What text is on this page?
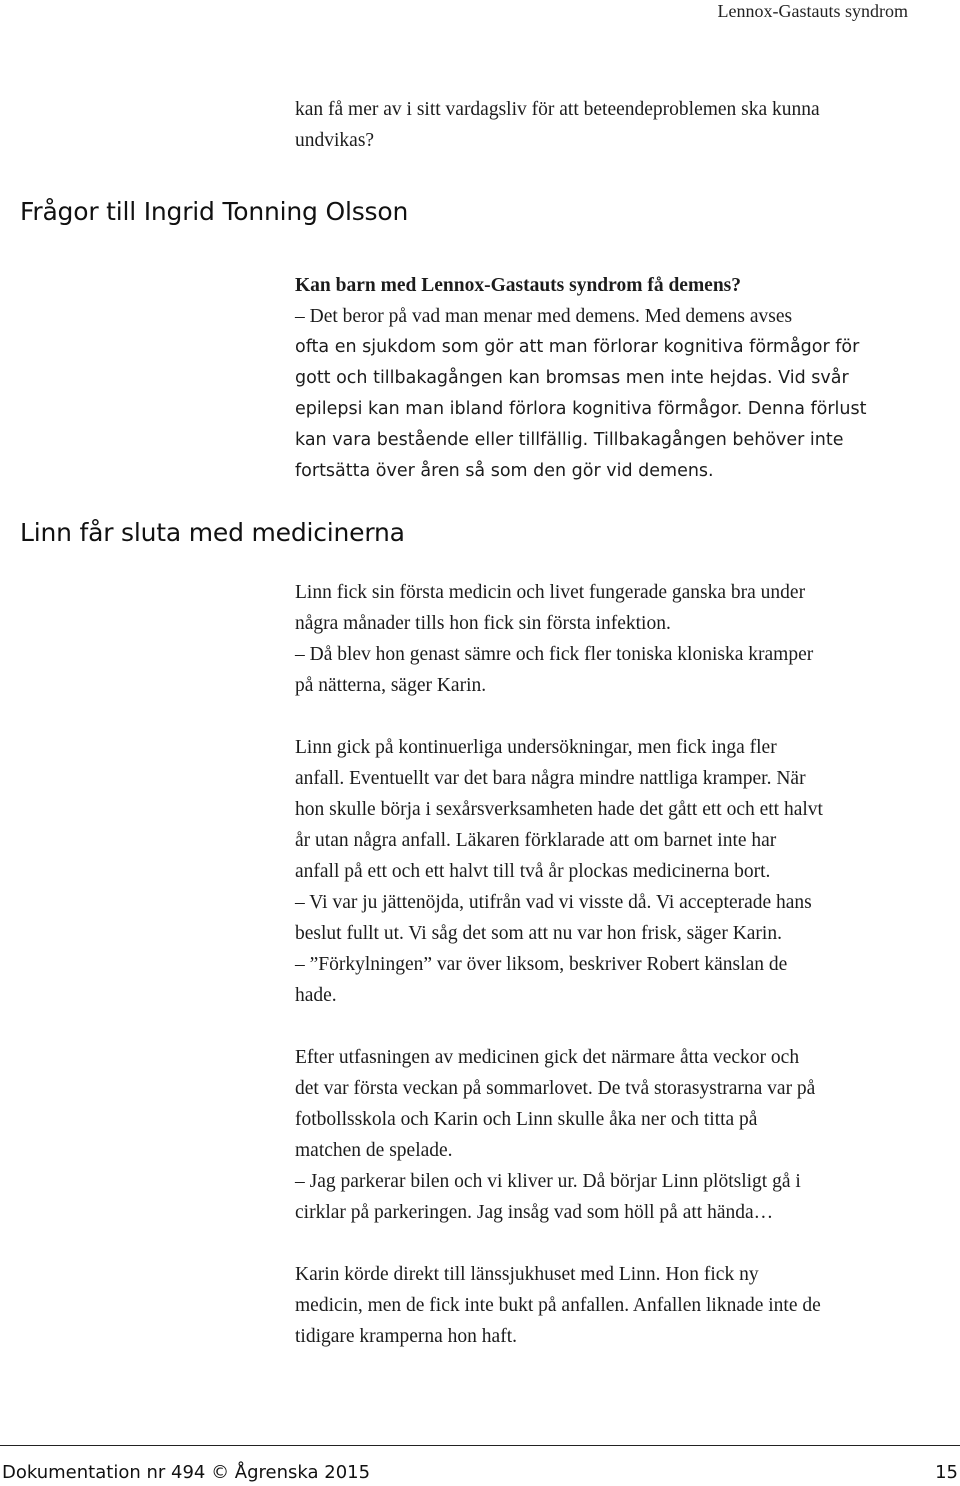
Lennox-Gastauts syndrom

kan få mer av i sitt vardagsliv för att beteendeproblemen ska kunna

undvikas?

Frågor till Ingrid Tonning Olsson

Kan barn med Lennox-Gastauts syndrom få demens?

– Det beror på vad man menar med demens. Med demens avses

ofta en sjukdom som gör att man förlorar kognitiva förmågor för

gott och tillbakagången kan bromsas men inte hejdas. Vid svår

epilepsi kan man ibland förlora kognitiva förmågor. Denna förlust

kan vara bestående eller tillfällig. Tillbakagången behöver inte

fortsätta över åren så som den gör vid demens.

Linn får sluta med medicinerna

Linn fick sin första medicin och livet fungerade ganska bra under

några månader tills hon fick sin första infektion.

– Då blev hon genast sämre och fick fler toniska kloniska kramper

på nätterna, säger Karin.

Linn gick på kontinuerliga undersökningar, men fick inga fler

anfall. Eventuellt var det bara några mindre nattliga kramper. När

hon skulle börja i sexårsverksamheten hade det gått ett och ett halvt

år utan några anfall. Läkaren förklarade att om barnet inte har

anfall på ett och ett halvt till två år plockas medicinerna bort.

– Vi var ju jättenöjda, utifrån vad vi visste då. Vi accepterade hans

beslut fullt ut. Vi såg det som att nu var hon frisk, säger Karin.

– ”Förkylningen” var över liksom, beskriver Robert känslan de

hade.

Efter utfasningen av medicinen gick det närmare åtta veckor och

det var första veckan på sommarlovet. De två storasystrarna var på

fotbollsskola och Karin och Linn skulle åka ner och titta på

matchen de spelade.

– Jag parkerar bilen och vi kliver ur. Då börjar Linn plötsligt gå i

cirklar på parkeringen. Jag insåg vad som höll på att hända…

Karin körde direkt till länssjukhuset med Linn. Hon fick ny

medicin, men de fick inte bukt på anfallen. Anfallen liknade inte de

tidigare kramperna hon haft.

Dokumentation nr 494 © Ågrenska 2015	15
